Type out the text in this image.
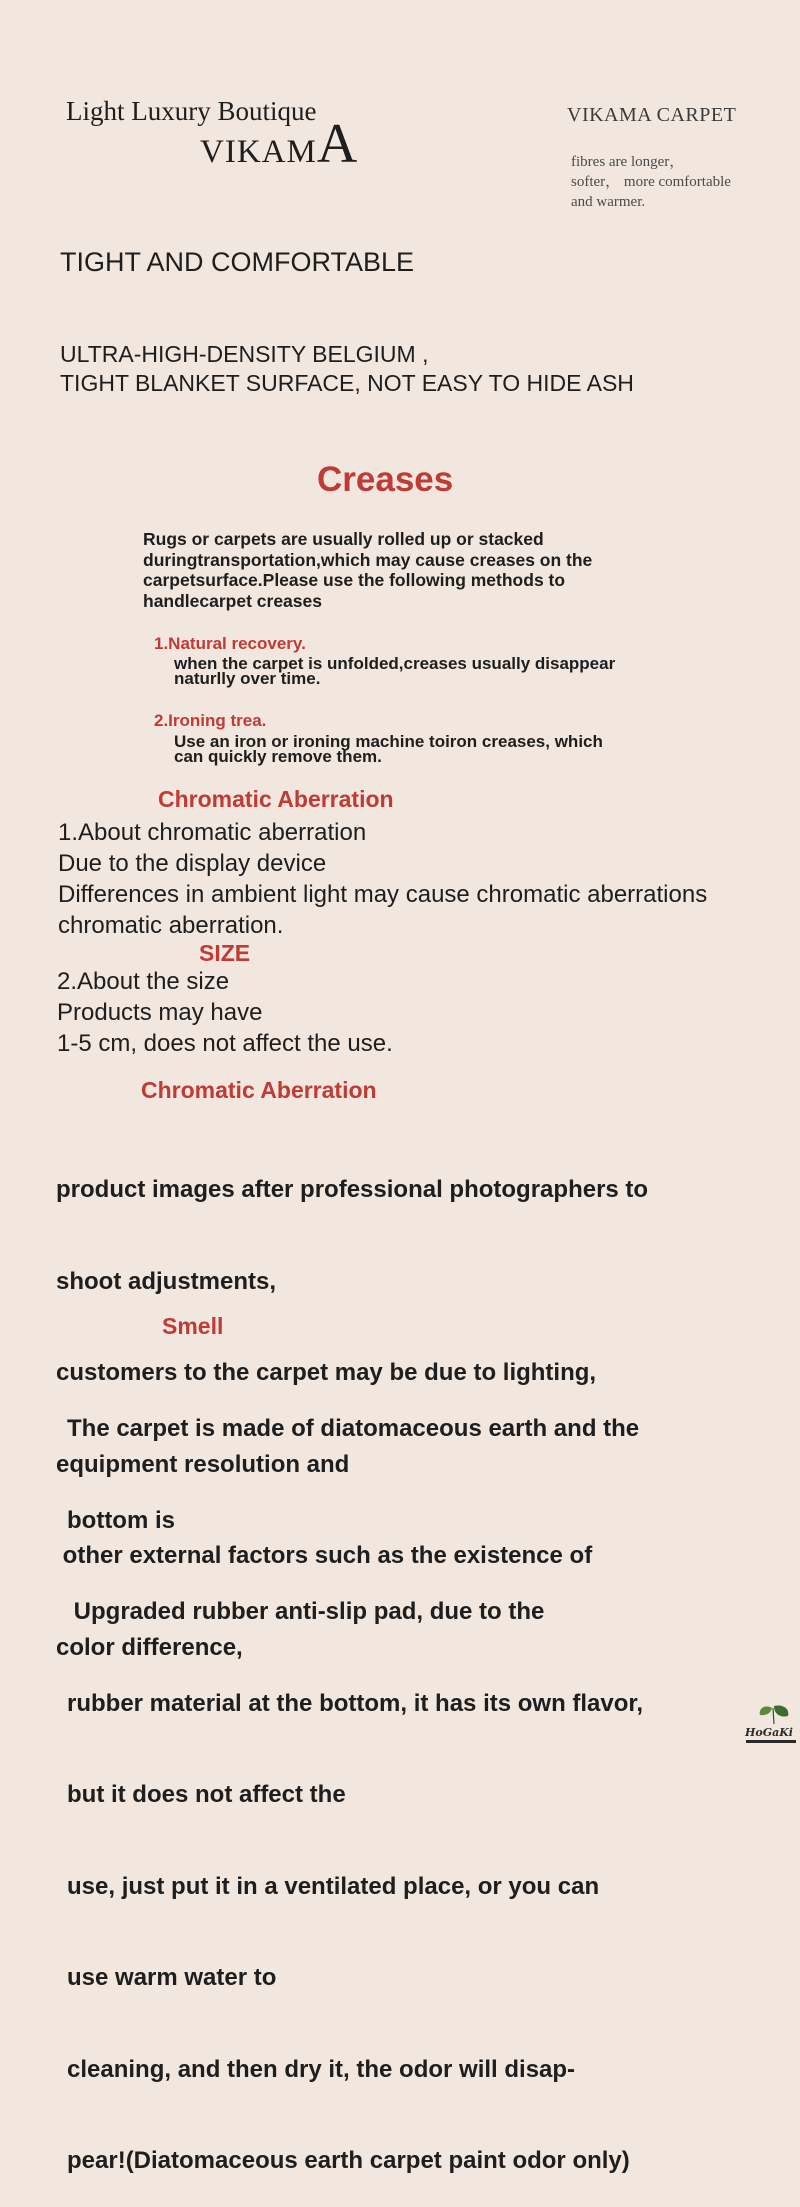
Light Luxury Boutique
VIKAMA	VIKAMA CARPET
fibres are longer，
softer， more comfortable
and warmer.
TIGHT AND COMFORTABLE
ULTRA-HIGH-DENSITY BELGIUM ,
TIGHT BLANKET SURFACE, NOT EASY TO HIDE ASH
Creases
Rugs or carpets are usually rolled up or stacked
duringtransportation,which may cause creases on the
carpetsurface.Please use the following methods to
handlecarpet creases
1.Natural recovery.
when the carpet is unfolded,creases usually disappear
naturlly over time.
2.Ironing trea.
Use an iron or ironing machine toiron creases, which
can quickly remove them.
Chromatic Aberration
1.About chromatic aberration
Due to the display device
Differences in ambient light may cause chromatic aberrations
chromatic aberration.
SIZE
2.About the size
Products may have
1-5 cm, does not affect the use.
Chromatic Aberration

product images after professional photographers to

shoot adjustments,

customers to the carpet may be due to lighting,

equipment resolution and

other external factors such as the existence of

color difference,

Smell

The carpet is made of diatomaceous earth and the

bottom is

Upgraded rubber anti-slip pad, due to the

rubber material at the bottom, it has its own flavor,

but it does not affect the

use, just put it in a ventilated place, or you can

use warm water to

cleaning, and then dry it, the odor will disap-

pear!(Diatomaceous earth carpet paint odor only)

HoGaKi
